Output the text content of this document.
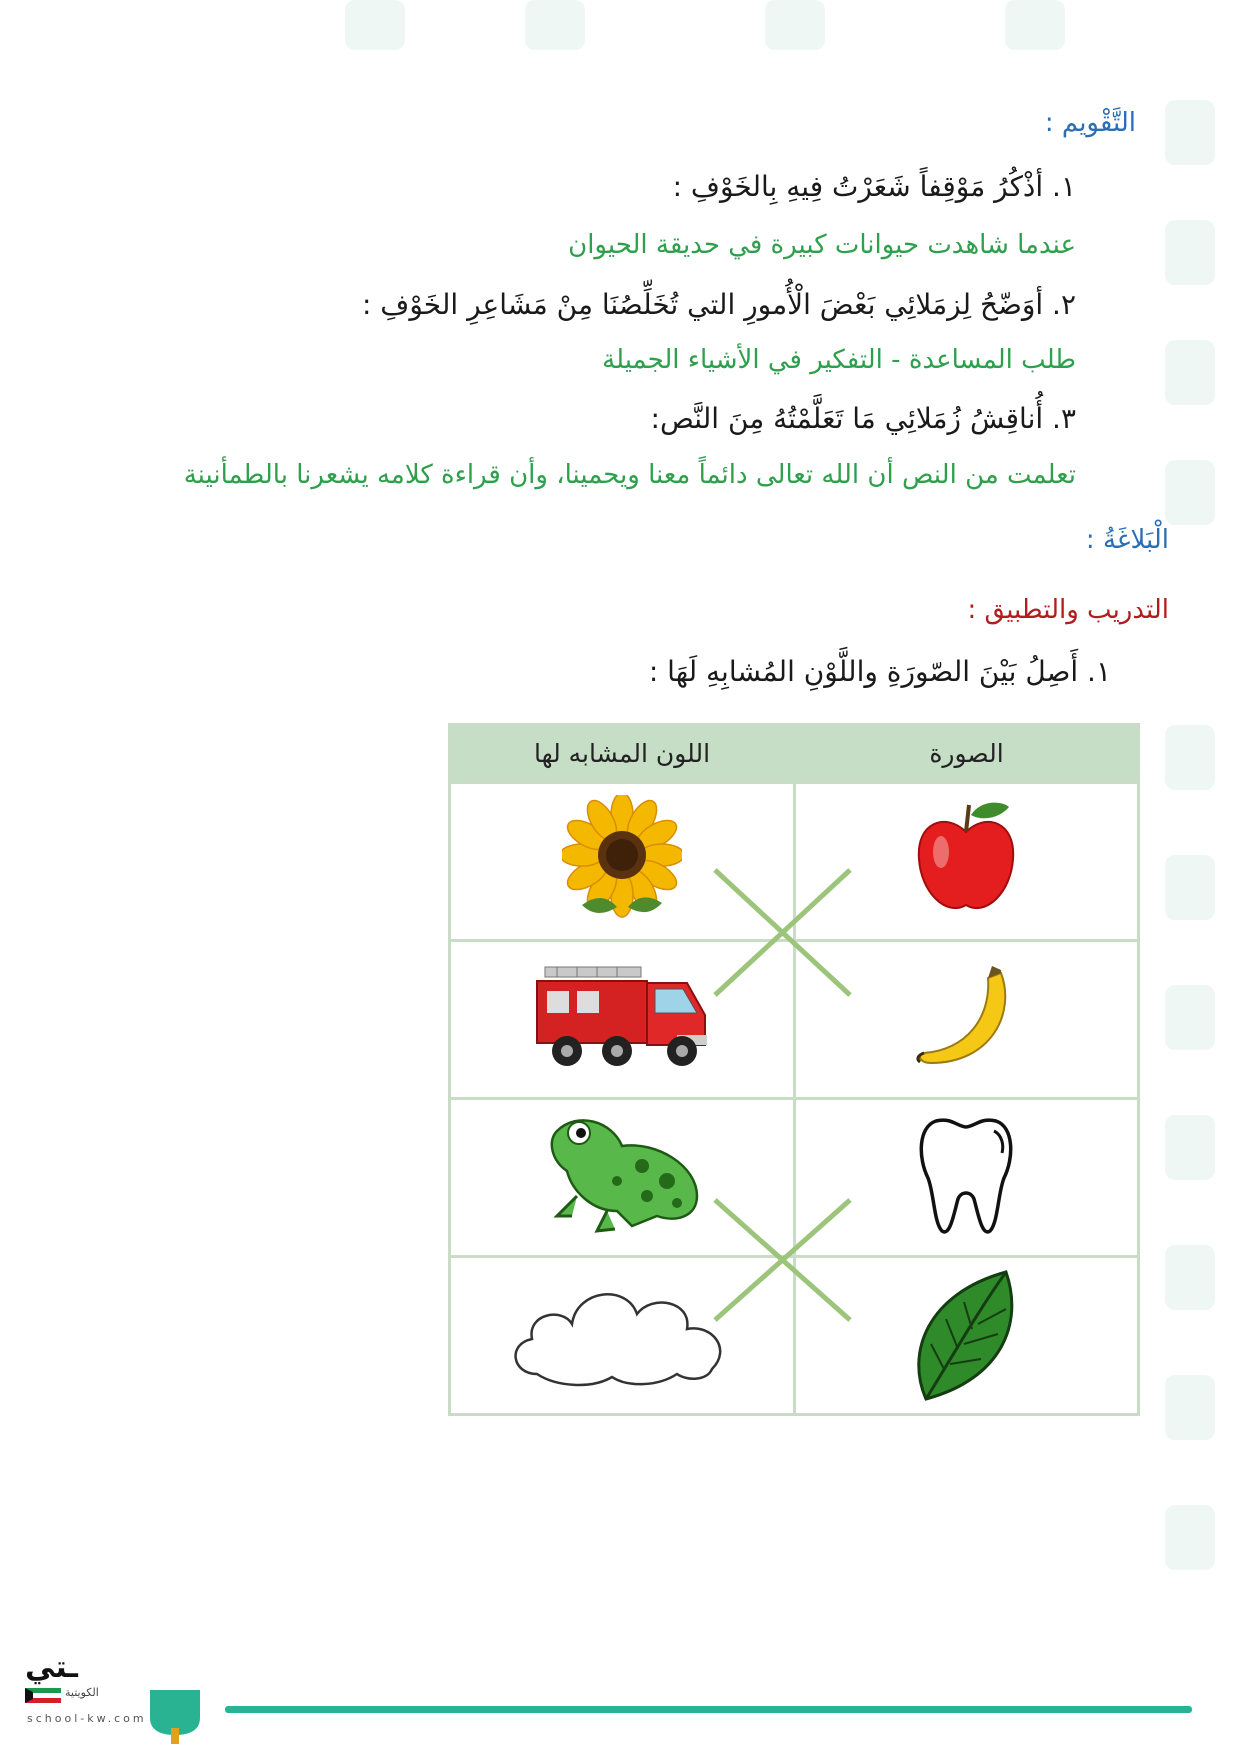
التَّقْويم :
١. أذْكُرُ مَوْقِفاً شَعَرْتُ فِيهِ بِالخَوْفِ :
عندما شاهدت حيوانات كبيرة في حديقة الحيوان
٢. أوَضّحُ لِزمَلائِي بَعْضَ الْأُمورِ التي تُخَلِّصُنَا مِنْ مَشَاعِرِ الخَوْفِ :
طلب المساعدة - التفكير في الأشياء الجميلة
٣. أُناقِشُ زُمَلائِي مَا تَعَلَّمْتُهُ مِنَ النَّص:
تعلمت من النص أن الله تعالى دائماً معنا ويحمينا، وأن قراءة كلامه يشعرنا بالطمأنينة
الْبَلاغَةُ :
التدريب والتطبيق :
١. أَصِلُ بَيْنَ الصّورَةِ واللَّوْنِ المُشابِهِ لَهَا :
اللون المشابه لها	الصورة

ـتي
الكويتية
school-kw.com
